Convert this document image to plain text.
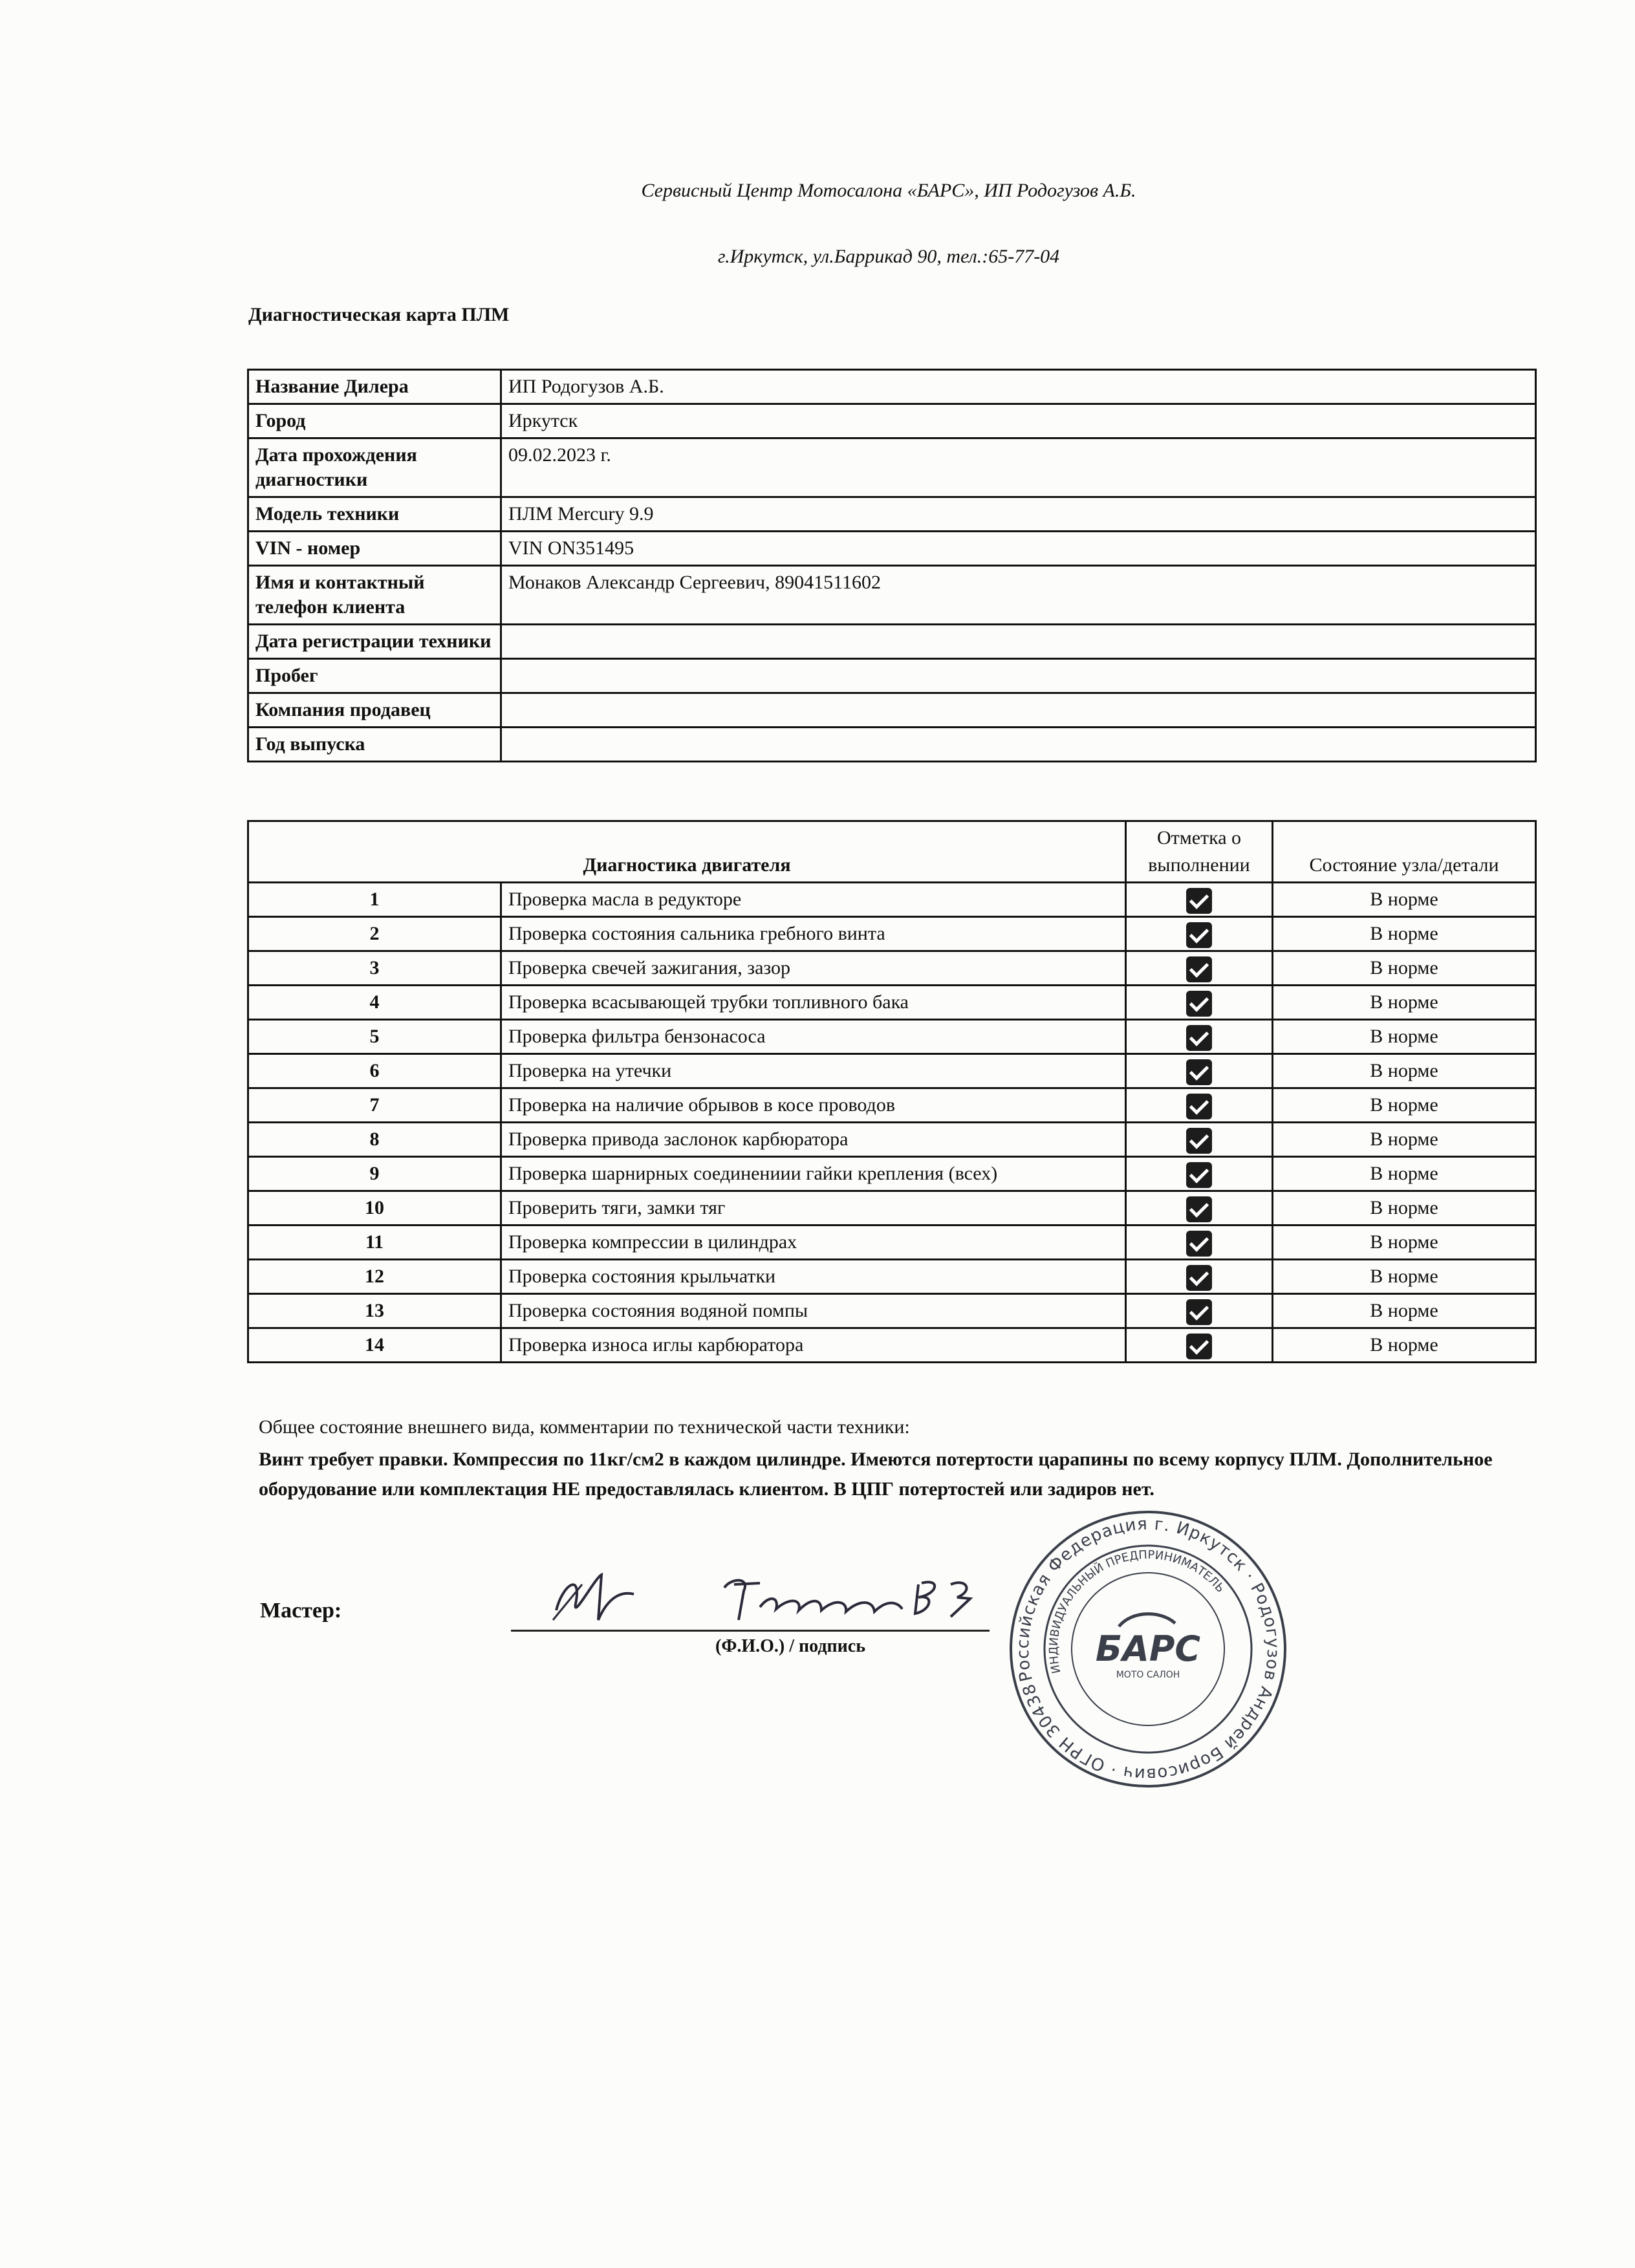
Сервисный Центр Мотосалона «БАРС», ИП Родогузов А.Б.
г.Иркутск, ул.Баррикад 90, тел.:65-77-04
Диагностическая карта ПЛМ
Название Дилера	ИП Родогузов А.Б.
Город	Иркутск
Дата прохождения диагностики	09.02.2023 г.
Модель техники	ПЛМ Mercury 9.9
VIN - номер	VIN ON351495
Имя и контактный телефон клиента	Монаков Александр Сергеевич, 89041511602
Дата регистрации техники	
Пробег	
Компания продавец	
Год выпуска	
Диагностика двигателя		Отметка о выполнении	Состояние узла/детали
1	Проверка масла в редукторе		В норме
2	Проверка состояния сальника гребного винта		В норме
3	Проверка свечей зажигания, зазор		В норме
4	Проверка всасывающей трубки топливного бака		В норме
5	Проверка фильтра бензонасоса		В норме
6	Проверка на утечки		В норме
7	Проверка на наличие обрывов в косе проводов		В норме
8	Проверка привода заслонок карбюратора		В норме
9	Проверка шарнирных соединениии гайки крепления (всех)		В норме
10	Проверить тяги, замки тяг		В норме
11	Проверка компрессии в цилиндрах		В норме
12	Проверка состояния крыльчатки		В норме
13	Проверка состояния водяной помпы		В норме
14	Проверка износа иглы карбюратора		В норме
Общее состояние внешнего вида, комментарии по технической части техники:
Винт требует правки. Компрессия по 11кг/см2 в каждом цилиндре. Имеются потертости царапины по всему корпусу ПЛМ. Дополнительное оборудование или комплектация НЕ предоставлялась клиентом. В ЦПГ потертостей или задиров нет.
Мастер:
(Ф.И.О.) / подпись
Российская Федерация г. Иркутск · Родогузов Андрей Борисович · ОГРН 304381221000071
ИНДИВИДУАЛЬНЫЙ ПРЕДПРИНИМАТЕЛЬ
БАРС
МОТО САЛОН
